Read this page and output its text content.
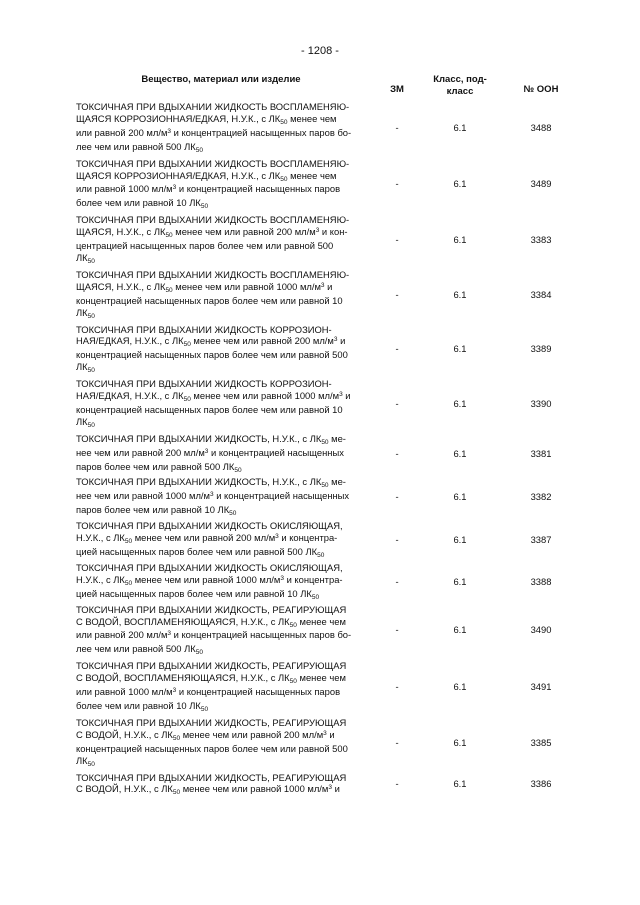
- 1208 -
Вещество, материал или изделие
ЗМ
Класс, под-
класс	№ ООН
ТОКСИЧНАЯ ПРИ ВДЫХАНИИ ЖИДКОСТЬ ВОСПЛАМЕНЯЮ-
ЩАЯСЯ КОРРОЗИОННАЯ/ЕДКАЯ, Н.У.К., с $ЛК_{50}$ менее чем
или равной 200 $мл/м^3$ и концентрацией насыщенных паров бо-
лее чем или равной 500 $ЛК_{50}$
-	6.1	3488
ТОКСИЧНАЯ ПРИ ВДЫХАНИИ ЖИДКОСТЬ ВОСПЛАМЕНЯЮ-
ЩАЯСЯ КОРРОЗИОННАЯ/ЕДКАЯ, Н.У.К., с $ЛК_{50}$ менее чем
или равной 1000 $мл/м^3$ и концентрацией насыщенных паров
более чем или равной 10 $ЛК_{50}$
-	6.1	3489
ТОКСИЧНАЯ ПРИ ВДЫХАНИИ ЖИДКОСТЬ ВОСПЛАМЕНЯЮ-
ЩАЯСЯ, Н.У.К., с $ЛК_{50}$ менее чем или равной 200 $мл/м^3$ и кон-
центрацией насыщенных паров более чем или равной 500
$ЛК_{50}$
-	6.1	3383
ТОКСИЧНАЯ ПРИ ВДЫХАНИИ ЖИДКОСТЬ ВОСПЛАМЕНЯЮ-
ЩАЯСЯ, Н.У.К., с $ЛК_{50}$ менее чем или равной 1000 $мл/м^3$ и
концентрацией насыщенных паров более чем или равной 10
$ЛК_{50}$
-	6.1	3384
ТОКСИЧНАЯ ПРИ ВДЫХАНИИ ЖИДКОСТЬ КОРРОЗИОН-
НАЯ/ЕДКАЯ, Н.У.К., с $ЛК_{50}$ менее чем или равной 200 $мл/м^3$ и
концентрацией насыщенных паров более чем или равной 500
$ЛК_{50}$
-	6.1	3389
ТОКСИЧНАЯ ПРИ ВДЫХАНИИ ЖИДКОСТЬ КОРРОЗИОН-
НАЯ/ЕДКАЯ, Н.У.К., с $ЛК_{50}$ менее чем или равной 1000 $мл/м^3$ и
концентрацией насыщенных паров более чем или равной 10
$ЛК_{50}$
-	6.1	3390
ТОКСИЧНАЯ ПРИ ВДЫХАНИИ ЖИДКОСТЬ, Н.У.К., с $ЛК_{50}$ ме-
нее чем или равной 200 $мл/м^3$ и концентрацией насыщенных
паров более чем или равной 500 $ЛК_{50}$
-	6.1	3381
ТОКСИЧНАЯ ПРИ ВДЫХАНИИ ЖИДКОСТЬ, Н.У.К., с $ЛК_{50}$ ме-
нее чем или равной 1000 $мл/м^3$ и концентрацией насыщенных
паров более чем или равной 10 $ЛК_{50}$
-	6.1	3382
ТОКСИЧНАЯ ПРИ ВДЫХАНИИ ЖИДКОСТЬ ОКИСЛЯЮЩАЯ,
Н.У.К., с $ЛК_{50}$ менее чем или равной 200 $мл/м^3$ и концентра-
цией насыщенных паров более чем или равной 500 $ЛК_{50}$
-	6.1	3387
ТОКСИЧНАЯ ПРИ ВДЫХАНИИ ЖИДКОСТЬ ОКИСЛЯЮЩАЯ,
Н.У.К., с $ЛК_{50}$ менее чем или равной 1000 $мл/м^3$ и концентра-
цией насыщенных паров более чем или равной 10 $ЛК_{50}$
-	6.1	3388
ТОКСИЧНАЯ ПРИ ВДЫХАНИИ ЖИДКОСТЬ, РЕАГИРУЮЩАЯ
С ВОДОЙ, ВОСПЛАМЕНЯЮЩАЯСЯ, Н.У.К., с $ЛК_{50}$ менее чем
или равной 200 $мл/м^3$ и концентрацией насыщенных паров бо-
лее чем или равной 500 $ЛК_{50}$
-	6.1	3490
ТОКСИЧНАЯ ПРИ ВДЫХАНИИ ЖИДКОСТЬ, РЕАГИРУЮЩАЯ
С ВОДОЙ, ВОСПЛАМЕНЯЮЩАЯСЯ, Н.У.К., с $ЛК_{50}$ менее чем
или равной 1000 $мл/м^3$ и концентрацией насыщенных паров
более чем или равной 10 $ЛК_{50}$
-	6.1	3491
ТОКСИЧНАЯ ПРИ ВДЫХАНИИ ЖИДКОСТЬ, РЕАГИРУЮЩАЯ
С ВОДОЙ, Н.У.К., с $ЛК_{50}$ менее чем или равной 200 $мл/м^3$ и
концентрацией насыщенных паров более чем или равной 500
$ЛК_{50}$
-	6.1	3385
ТОКСИЧНАЯ ПРИ ВДЫХАНИИ ЖИДКОСТЬ, РЕАГИРУЮЩАЯ
С ВОДОЙ, Н.У.К., с $ЛК_{50}$ менее чем или равной 1000 $мл/м^3$ и	-	6.1	3386
